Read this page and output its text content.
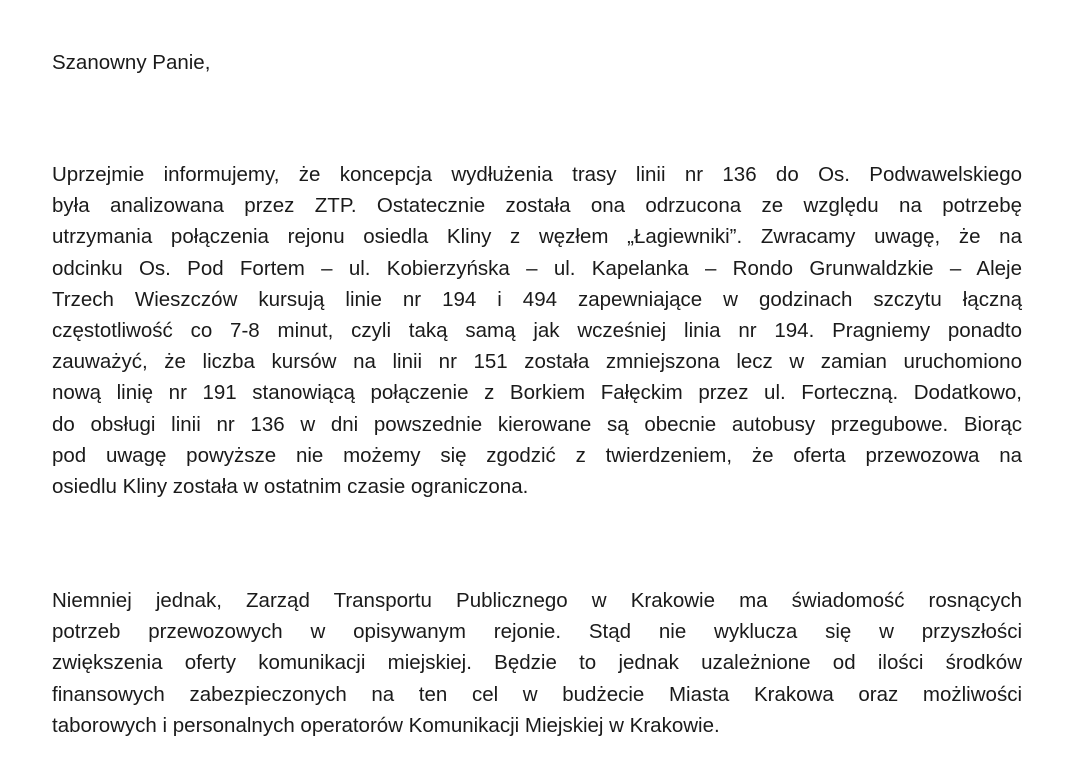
Szanowny Panie,
Uprzejmie informujemy, że koncepcja wydłużenia trasy linii nr 136 do Os. Podwawelskiego
była analizowana przez ZTP. Ostatecznie została ona odrzucona ze względu na potrzebę
utrzymania połączenia rejonu osiedla Kliny z węzłem „Łagiewniki”. Zwracamy uwagę, że na
odcinku Os. Pod Fortem – ul. Kobierzyńska – ul. Kapelanka – Rondo Grunwaldzkie – Aleje
Trzech Wieszczów kursują linie nr 194 i 494 zapewniające w godzinach szczytu łączną
częstotliwość co 7-8 minut, czyli taką samą jak wcześniej linia nr 194. Pragniemy ponadto
zauważyć, że liczba kursów na linii nr 151 została zmniejszona lecz w zamian uruchomiono
nową linię nr 191 stanowiącą połączenie z Borkiem Fałęckim przez ul. Forteczną. Dodatkowo,
do obsługi linii nr 136 w dni powszednie kierowane są obecnie autobusy przegubowe. Biorąc
pod uwagę powyższe nie możemy się zgodzić z twierdzeniem, że oferta przewozowa na
osiedlu Kliny została w ostatnim czasie ograniczona.
Niemniej jednak, Zarząd Transportu Publicznego w Krakowie ma świadomość rosnących
potrzeb przewozowych w opisywanym rejonie. Stąd nie wyklucza się w przyszłości
zwiększenia oferty komunikacji miejskiej. Będzie to jednak uzależnione od ilości środków
finansowych zabezpieczonych na ten cel w budżecie Miasta Krakowa oraz możliwości
taborowych i personalnych operatorów Komunikacji Miejskiej w Krakowie.
